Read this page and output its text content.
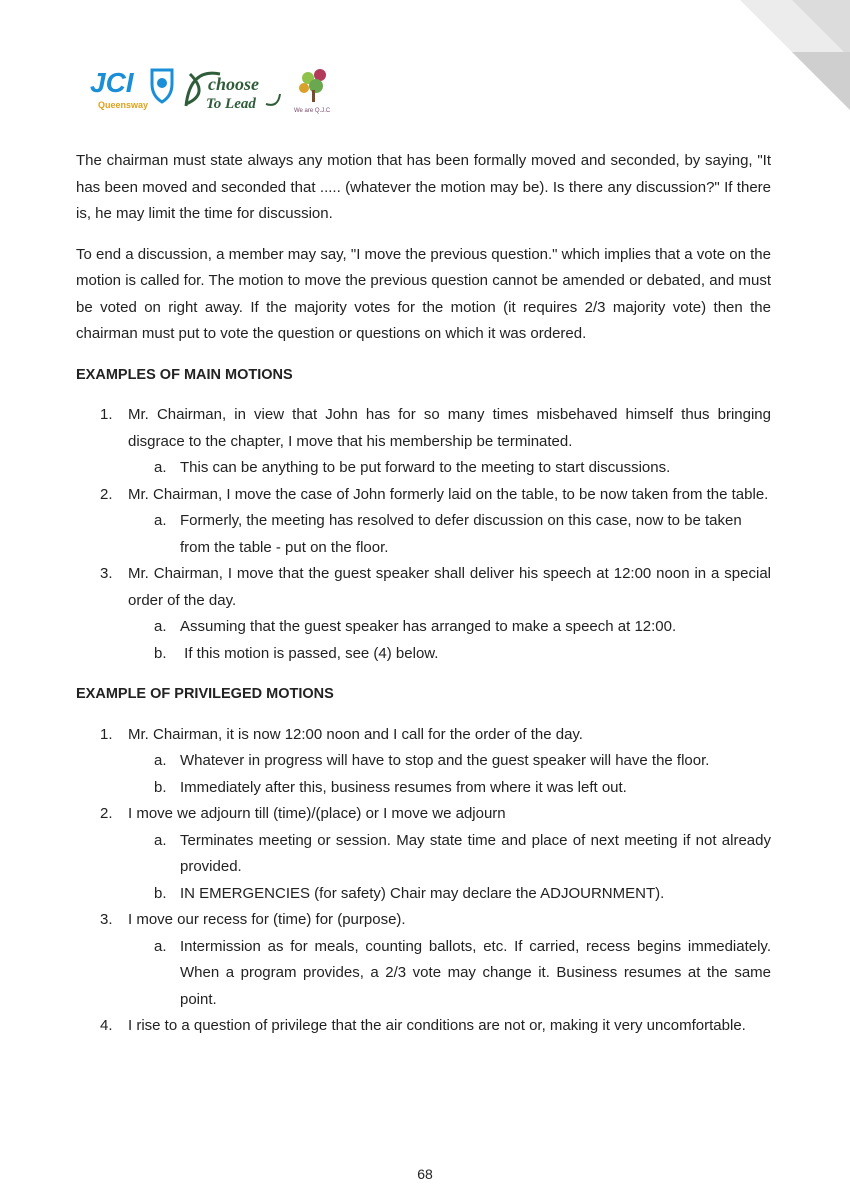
JCI
Queensway
choose
To Lead	We are Q.J.C

The chairman must state always any motion that has been formally moved and seconded, by saying, "It has been moved and seconded that ..... (whatever the motion may be). Is there any discussion?" If there is, he may limit the time for discussion.

To end a discussion, a member may say, "I move the previous question." which implies that a vote on the motion is called for. The motion to move the previous question cannot be amended or debated, and must be voted on right away. If the majority votes for the motion (it requires 2/3 majority vote) then the chairman must put to vote the question or questions on which it was ordered.

EXAMPLES OF MAIN MOTIONS
1. Mr. Chairman, in view that John has for so many times misbehaved himself thus bringing disgrace to the chapter, I move that his membership be terminated.
a. This can be anything to be put forward to the meeting to start discussions.
2. Mr. Chairman, I move the case of John formerly laid on the table, to be now taken from the table.
a. Formerly, the meeting has resolved to defer discussion on this case, now to be taken from the table - put on the floor.
3. Mr. Chairman, I move that the guest speaker shall deliver his speech at 12:00 noon in a special order of the day.
a. Assuming that the guest speaker has arranged to make a speech at 12:00.
b. If this motion is passed, see (4) below.
EXAMPLE OF PRIVILEGED MOTIONS
1. Mr. Chairman, it is now 12:00 noon and I call for the order of the day.
a. Whatever in progress will have to stop and the guest speaker will have the floor.
b. Immediately after this, business resumes from where it was left out.
2. I move we adjourn till (time)/(place) or I move we adjourn
a. Terminates meeting or session. May state time and place of next meeting if not already provided.
b. IN EMERGENCIES (for safety) Chair may declare the ADJOURNMENT).
3. I move our recess for (time) for (purpose).
a. Intermission as for meals, counting ballots, etc. If carried, recess begins immediately. When a program provides, a 2/3 vote may change it. Business resumes at the same point.
4. I rise to a question of privilege that the air conditions are not or, making it very uncomfortable.
68
